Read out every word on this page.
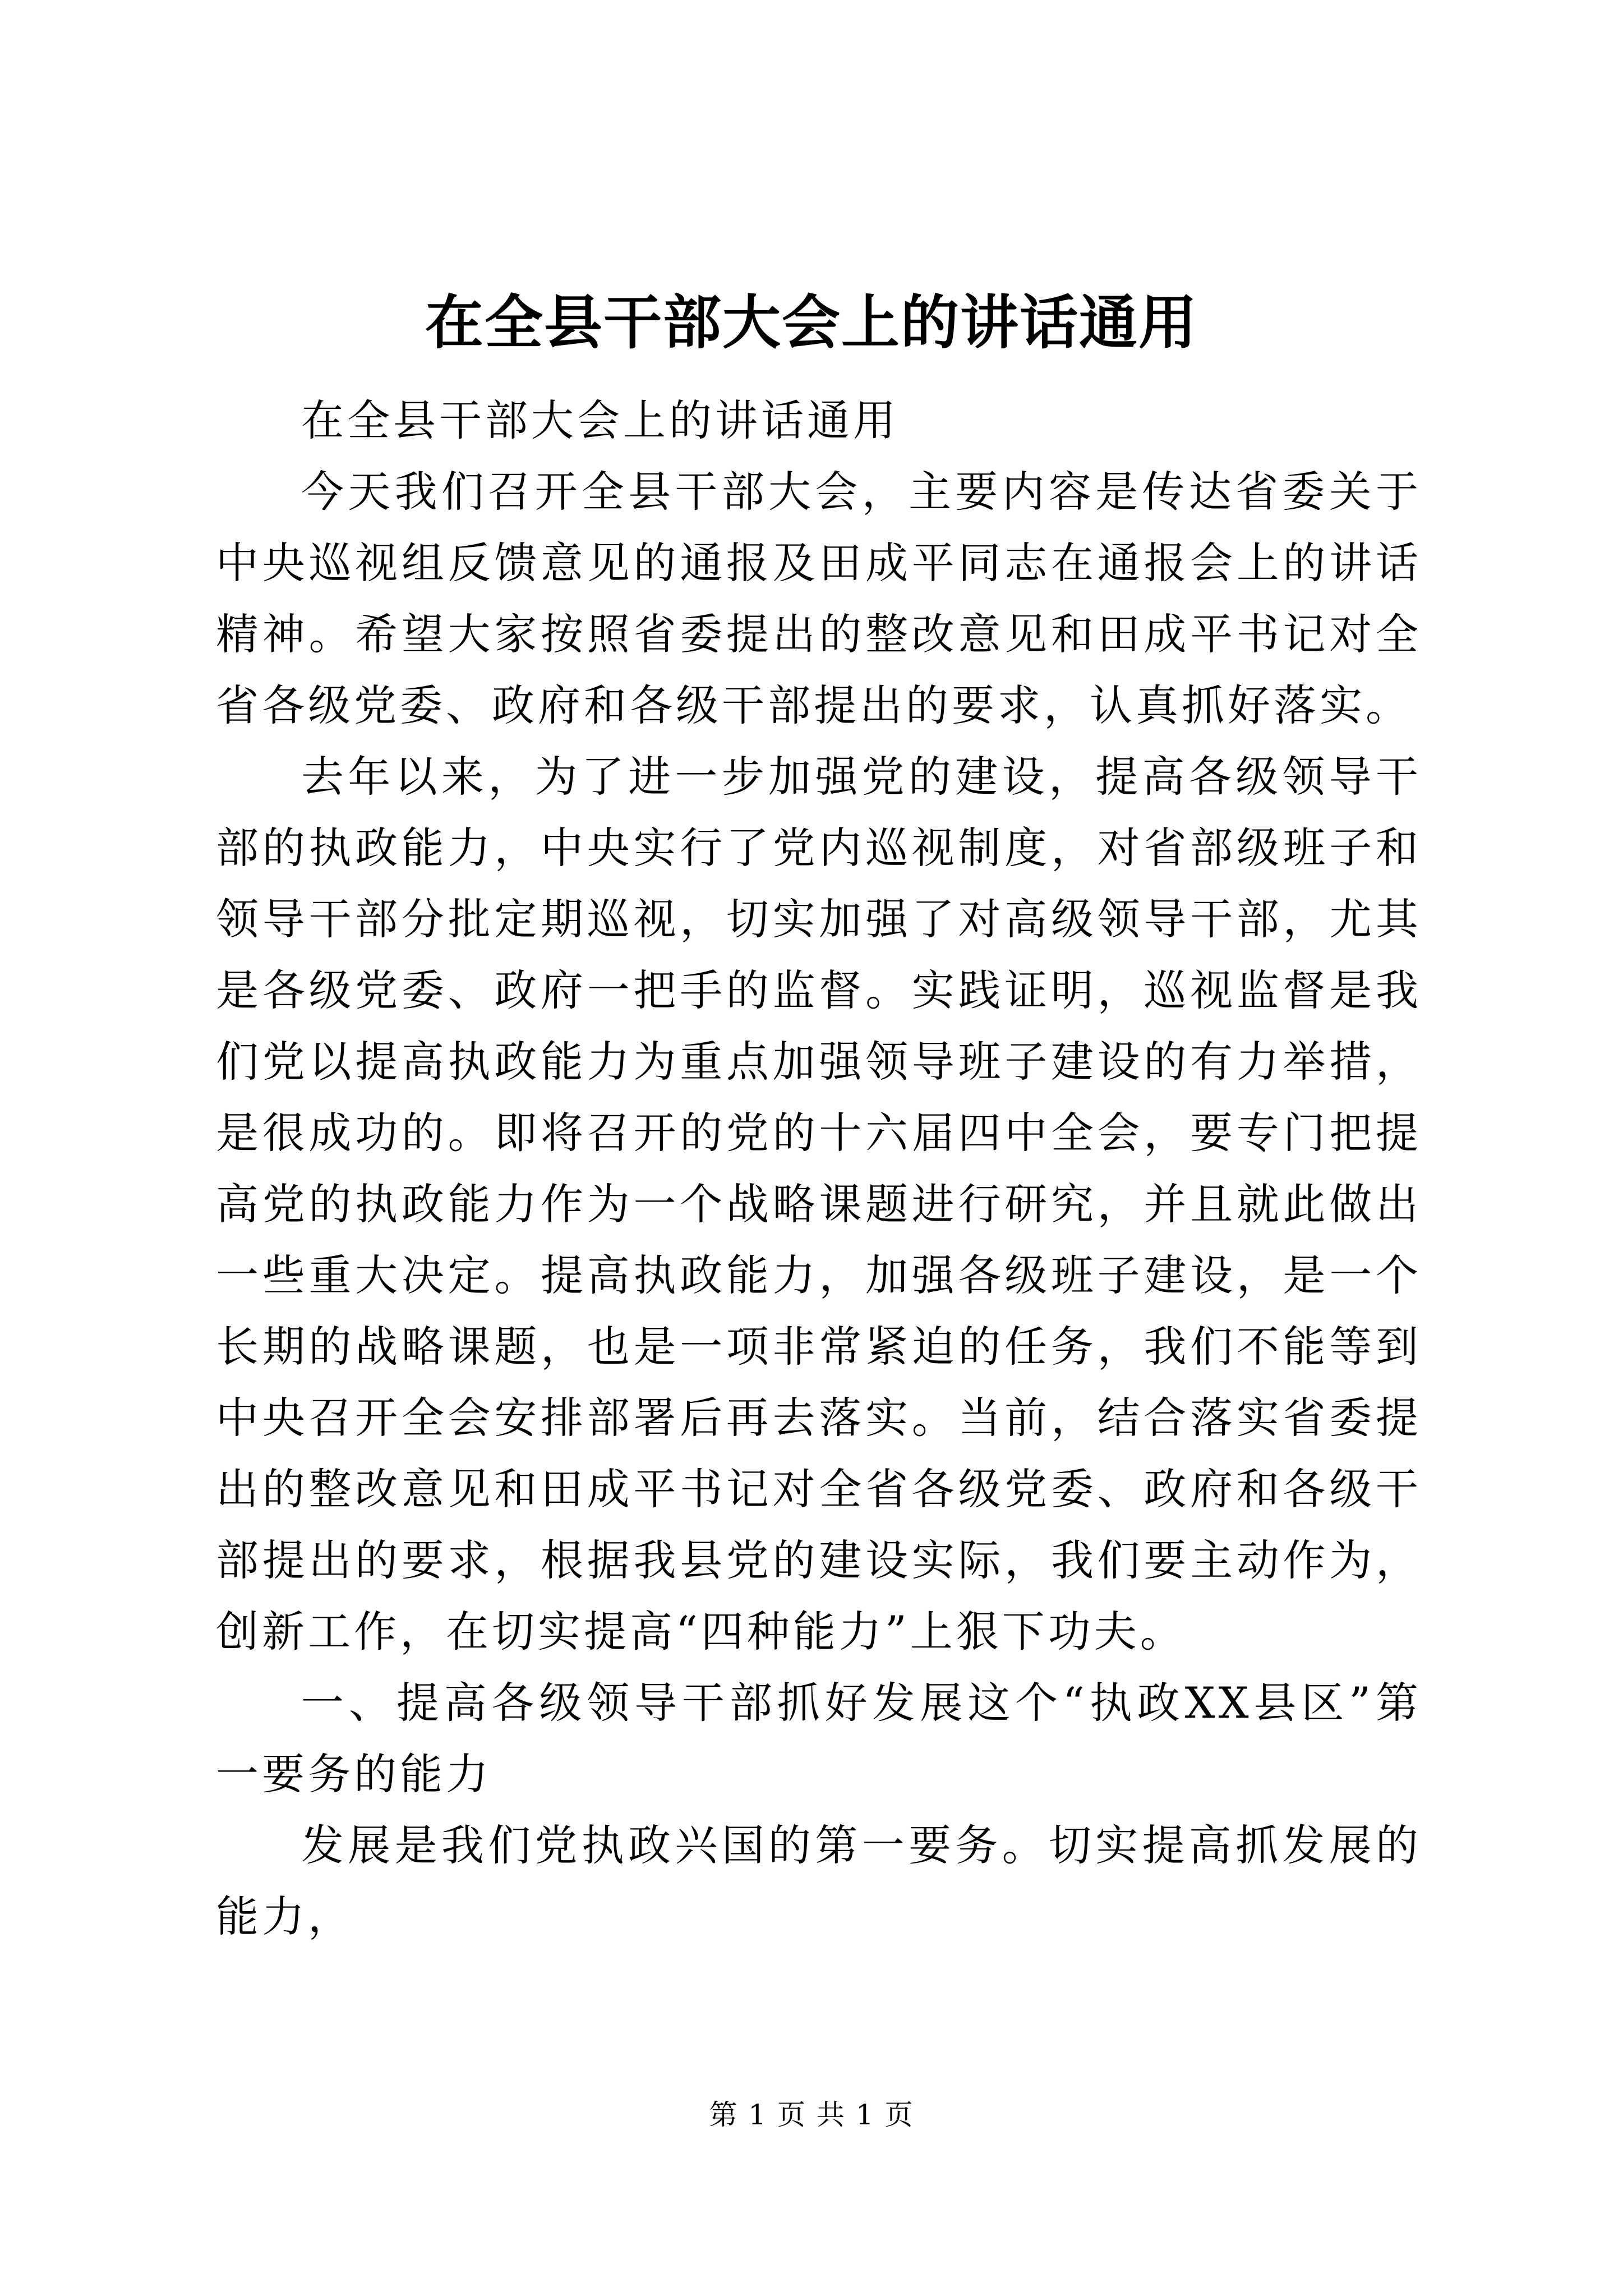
在全县干部大会上的讲话通用

在全县干部大会上的讲话通用

今天我们召开全县干部大会，主要内容是传达省委关于中央巡视组反馈意见的通报及田成平同志在通报会上的讲话精神。希望大家按照省委提出的整改意见和田成平书记对全省各级党委、政府和各级干部提出的要求，认真抓好落实。

去年以来，为了进一步加强党的建设，提高各级领导干部的执政能力，中央实行了党内巡视制度，对省部级班子和领导干部分批定期巡视，切实加强了对高级领导干部，尤其是各级党委、政府一把手的监督。实践证明，巡视监督是我们党以提高执政能力为重点加强领导班子建设的有力举措，是很成功的。即将召开的党的十六届四中全会，要专门把提高党的执政能力作为一个战略课题进行研究，并且就此做出一些重大决定。提高执政能力，加强各级班子建设，是一个长期的战略课题，也是一项非常紧迫的任务，我们不能等到中央召开全会安排部署后再去落实。当前，结合落实省委提出的整改意见和田成平书记对全省各级党委、政府和各级干部提出的要求，根据我县党的建设实际，我们要主动作为，创新工作，在切实提高“四种能力”上狠下功夫。

一、提高各级领导干部抓好发展这个“执政XX县区”第一要务的能力

发展是我们党执政兴国的第一要务。切实提高抓发展的能力，

第 1 页 共 1 页
